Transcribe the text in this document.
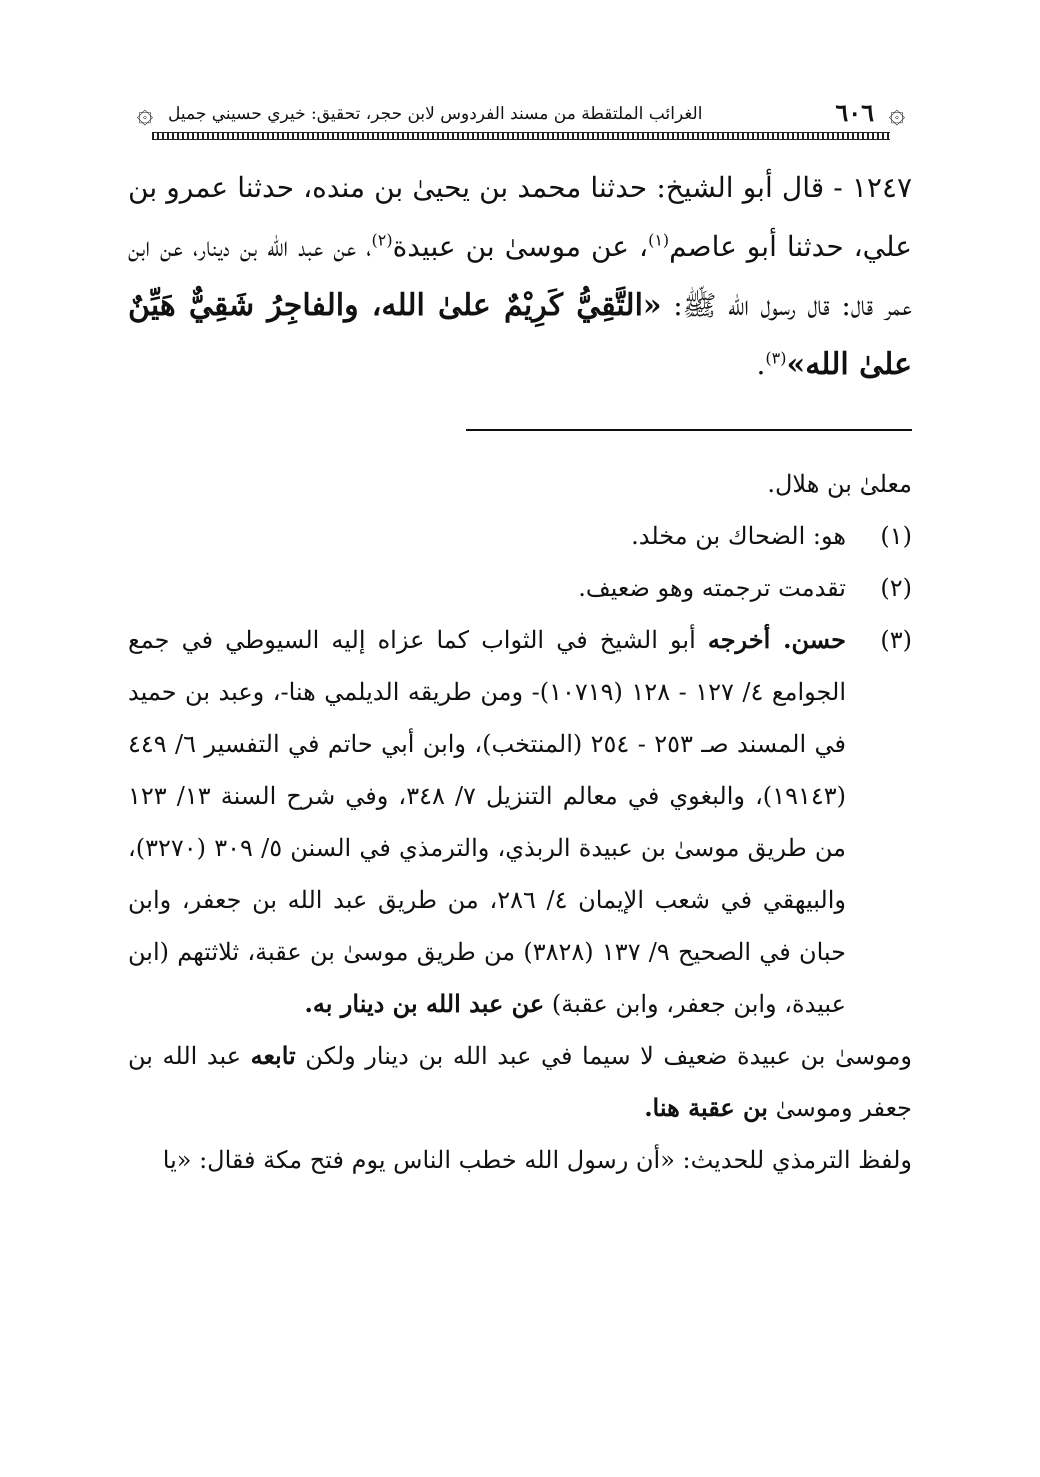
۞
٦٠٦
الغرائب الملتقطة من مسند الفردوس لابن حجر، تحقيق: خيري حسيني جميل
۞

١٢٤٧ - قال أبو الشيخ: حدثنا محمد بن يحيىٰ بن منده، حدثنا عمرو بن علي، حدثنا أبو عاصم$^{(١)}$، عن موسىٰ بن عبيدة$^{(٢)}$، عن عبد الله بن دينار، عن ابن عمر قال: قال رسول الله ﷺ: «التَّقِيُّ كَرِيْمٌ علىٰ الله، والفاجِرُ شَقِيٌّ هَيِّنٌ علىٰ الله»$^{(٣)}$.

معلىٰ بن هلال.

(١)
هو: الضحاك بن مخلد.
(٢)
تقدمت ترجمته وهو ضعيف.
(٣)
حسن. أخرجه أبو الشيخ في الثواب كما عزاه إليه السيوطي في جمع الجوامع ٤/ ١٢٧ - ١٢٨ (١٠٧١٩)- ومن طريقه الديلمي هنا-، وعبد بن حميد في المسند صـ ٢٥٣ - ٢٥٤ (المنتخب)، وابن أبي حاتم في التفسير ٦/ ٤٤٩ (١٩١٤٣)، والبغوي في معالم التنزيل ٧/ ٣٤٨، وفي شرح السنة ١٣/ ١٢٣ من طريق موسىٰ بن عبيدة الربذي، والترمذي في السنن ٥/ ٣٠٩ (٣٢٧٠)، والبيهقي في شعب الإيمان ٤/ ٢٨٦، من طريق عبد الله بن جعفر، وابن حبان في الصحيح ٩/ ١٣٧ (٣٨٢٨) من طريق موسىٰ بن عقبة، ثلاثتهم (ابن عبيدة، وابن جعفر، وابن عقبة) عن عبد الله بن دينار به.

وموسىٰ بن عبيدة ضعيف لا سيما في عبد الله بن دينار ولكن تابعه عبد الله بن جعفر وموسىٰ بن عقبة هنا.

ولفظ الترمذي للحديث: «أن رسول الله خطب الناس يوم فتح مكة فقال: «يا
